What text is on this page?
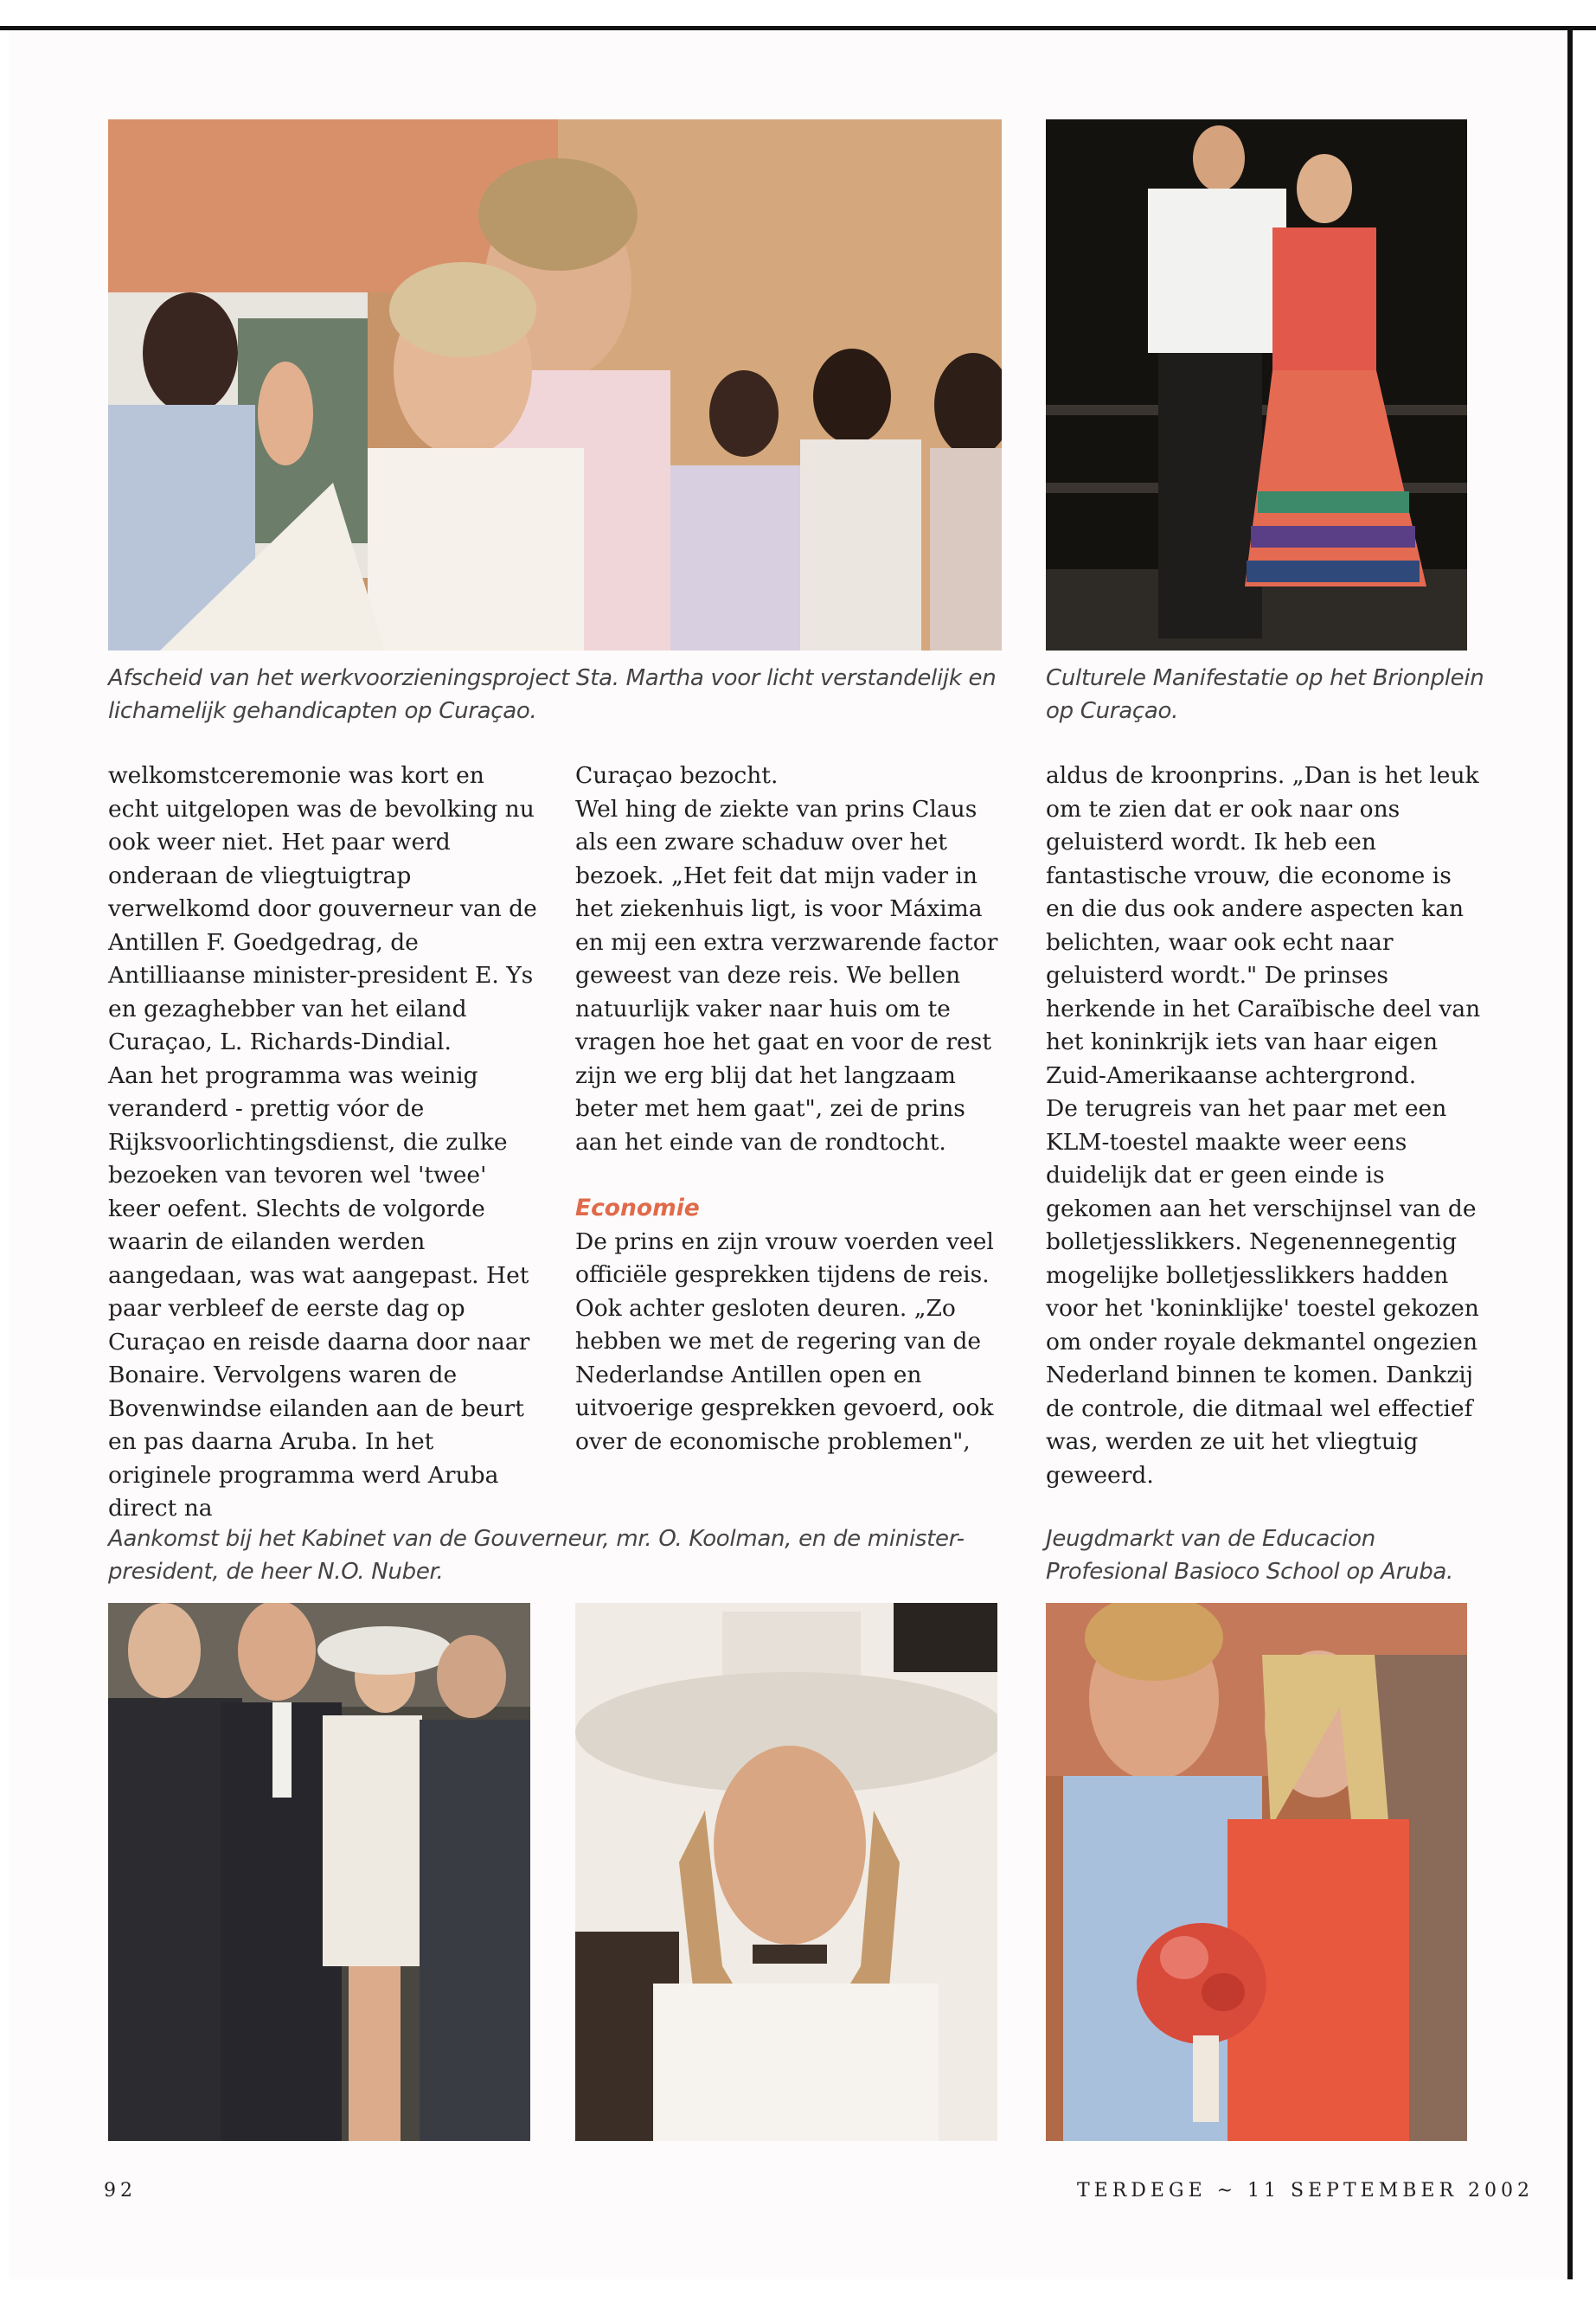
Afscheid van het werkvoorzieningsproject Sta. Martha voor licht verstandelijk en lichamelijk gehandicapten op Curaçao.
Culturele Manifestatie op het Brionplein op Curaçao.

welkomstceremonie was kort en echt uitgelopen was de bevolking nu ook weer niet. Het paar werd onderaan de vliegtuigtrap verwelkomd door gouverneur van de Antillen F. Goedgedrag, de Antilliaanse minister-president E. Ys en gezaghebber van het eiland Curaçao, L. Richards-Dindial.

Aan het programma was weinig veranderd - prettig vóor de Rijksvoorlichtingsdienst, die zulke bezoeken van tevoren wel 'twee' keer oefent. Slechts de volgorde waarin de eilanden werden aangedaan, was wat aangepast. Het paar verbleef de eerste dag op Curaçao en reisde daarna door naar Bonaire. Vervolgens waren de Bovenwindse eilanden aan de beurt en pas daarna Aruba. In het originele programma werd Aruba direct na

Curaçao bezocht.

Wel hing de ziekte van prins Claus als een zware schaduw over het bezoek. „Het feit dat mijn vader in het ziekenhuis ligt, is voor Máxima en mij een extra verzwarende factor geweest van deze reis. We bellen natuurlijk vaker naar huis om te vragen hoe het gaat en voor de rest zijn we erg blij dat het langzaam beter met hem gaat", zei de prins aan het einde van de rondtocht.

Economie

De prins en zijn vrouw voerden veel officiële gesprekken tijdens de reis. Ook achter gesloten deuren. „Zo hebben we met de regering van de Nederlandse Antillen open en uitvoerige gesprekken gevoerd, ook over de economische problemen",

aldus de kroonprins. „Dan is het leuk om te zien dat er ook naar ons geluisterd wordt. Ik heb een fantastische vrouw, die econome is en die dus ook andere aspecten kan belichten, waar ook echt naar geluisterd wordt." De prinses herkende in het Caraïbische deel van het koninkrijk iets van haar eigen Zuid-Amerikaanse achtergrond.

De terugreis van het paar met een KLM-toestel maakte weer eens duidelijk dat er geen einde is gekomen aan het verschijnsel van de bolletjesslikkers. Negenennegentig mogelijke bolletjesslikkers hadden voor het 'koninklijke' toestel gekozen om onder royale dekmantel ongezien Nederland binnen te komen. Dankzij de controle, die ditmaal wel effectief was, werden ze uit het vliegtuig geweerd.

Aankomst bij het Kabinet van de Gouverneur, mr. O. Koolman, en de minister-president, de heer N.O. Nuber.
Jeugdmarkt van de Educacion Profesional Basioco School op Aruba.
92	TERDEGE ~ 11 SEPTEMBER 2002
